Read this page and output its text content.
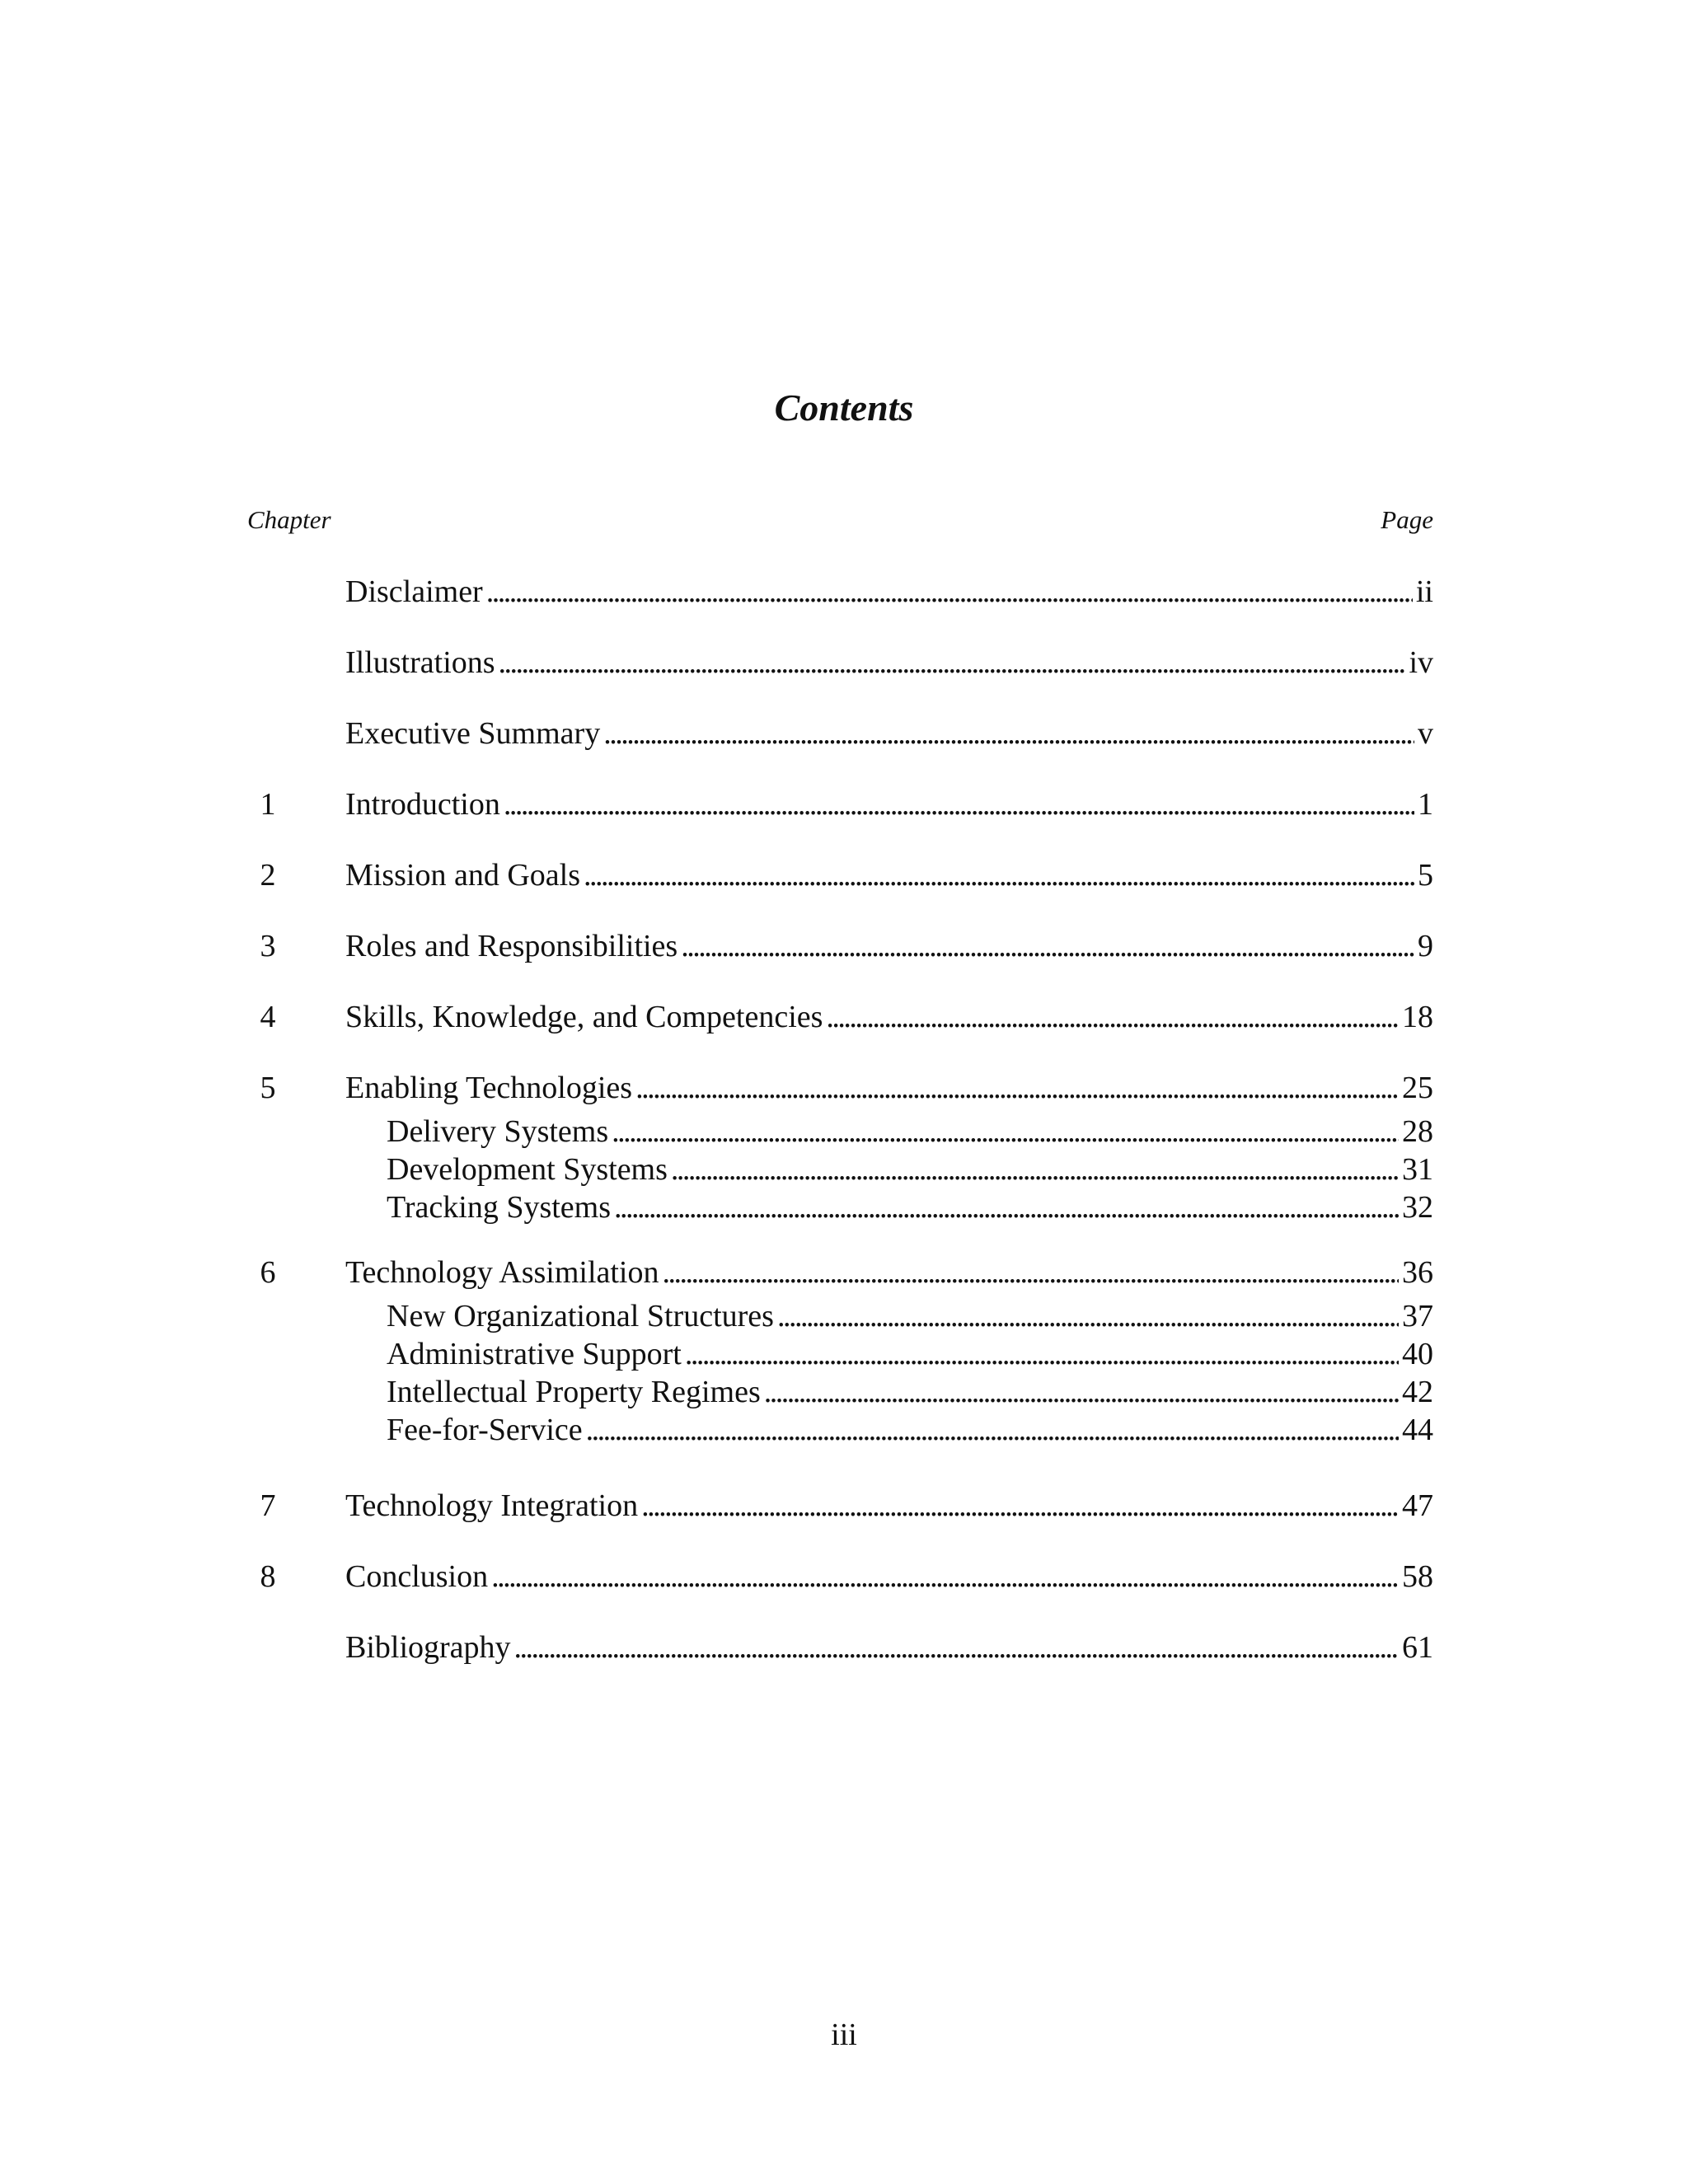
Contents
Chapter	Page
Disclaimer . . .	ii
Illustrations . . .	iv
Executive Summary . . .	v
1	Introduction . . .	1
2	Mission and Goals . . .	5
3	Roles and Responsibilities . . .	9
4	Skills, Knowledge, and Competencies . . .	18
5	Enabling Technologies . . .	25
Delivery Systems . . .	28
Development Systems . . .	31
Tracking Systems . . .	32
6	Technology Assimilation . . .	36
New Organizational Structures . . .	37
Administrative Support . . .	40
Intellectual Property Regimes . . .	42
Fee-for-Service . . .	44
7	Technology Integration . . .	47
8	Conclusion . . .	58
Bibliography . . .	61
iii
